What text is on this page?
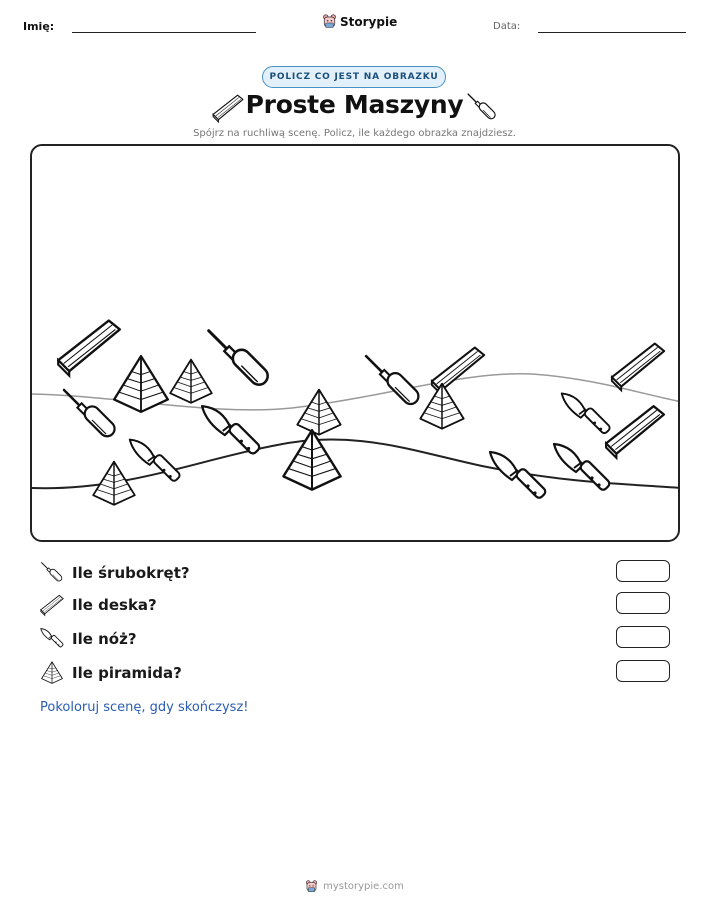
Imię:	Storypie	Data:
POLICZ CO JEST NA OBRAZKU
Proste Maszyny
Spójrz na ruchliwą scenę. Policz, ile każdego obrazka znajdziesz.
Ile śrubokręt?
Ile deska?
Ile nóż?
Ile piramida?
Pokoloruj scenę, gdy skończysz!
mystorypie.com
